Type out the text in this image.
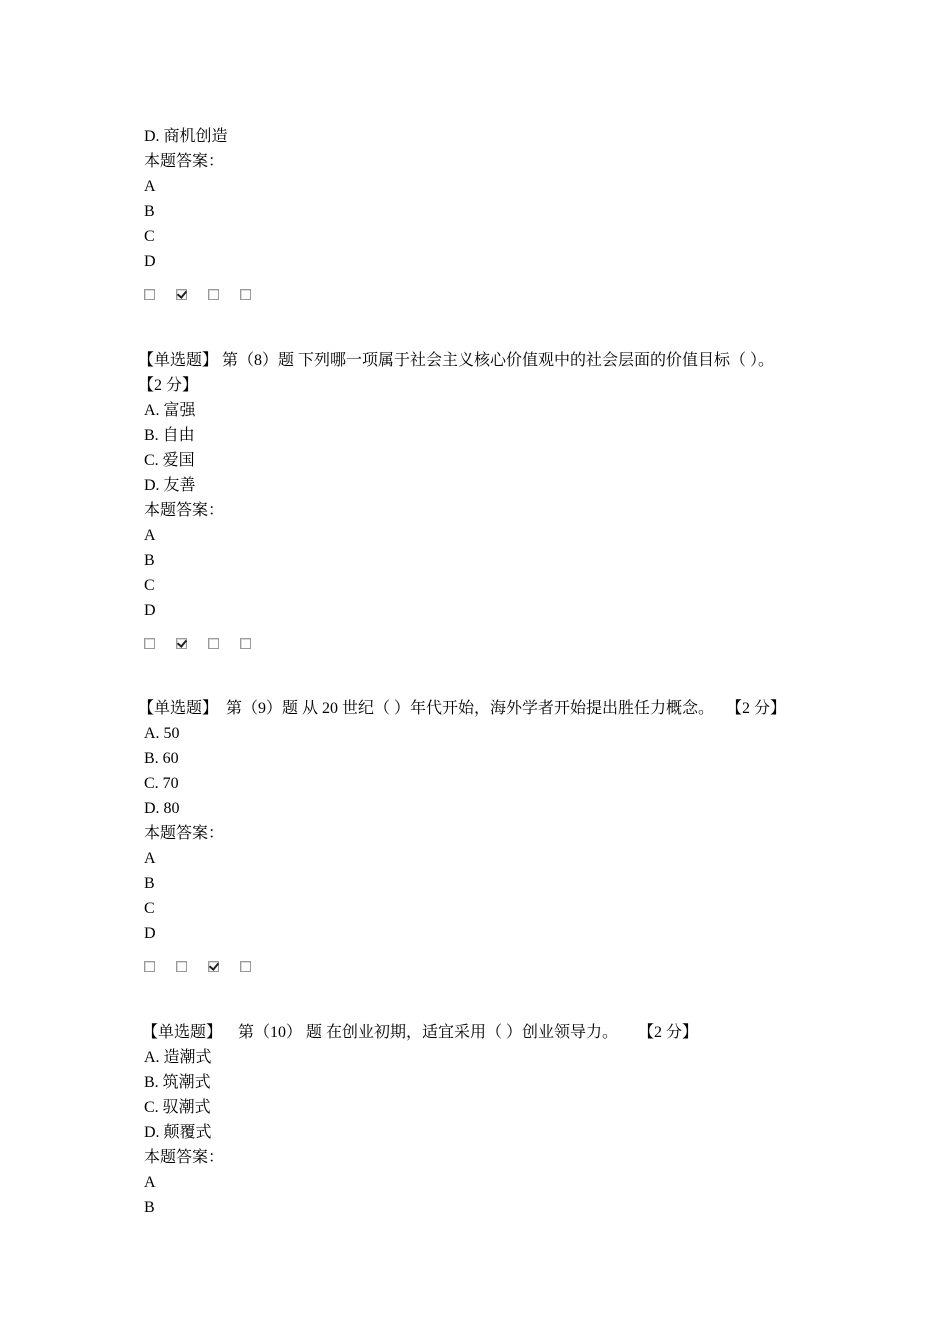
D. 商机创造
本题答案：
A
B
C
D
【单选题】 第（8）题 下列哪一项属于社会主义核心价值观中的社会层面的价值目标（ ）。
【2 分】
A. 富强
B. 自由
C. 爱国
D. 友善
本题答案：
A
B
C
D
【单选题】  第（9）题 从 20 世纪（ ）年代开始，海外学者开始提出胜任力概念。   【2 分】
A. 50
B. 60
C. 70
D. 80
本题答案：
A
B
C
D
【单选题】    第（10） 题 在创业初期，适宜采用（ ）创业领导力。     【2 分】
A. 造潮式
B. 筑潮式
C. 驭潮式
D. 颠覆式
本题答案：
A
B
